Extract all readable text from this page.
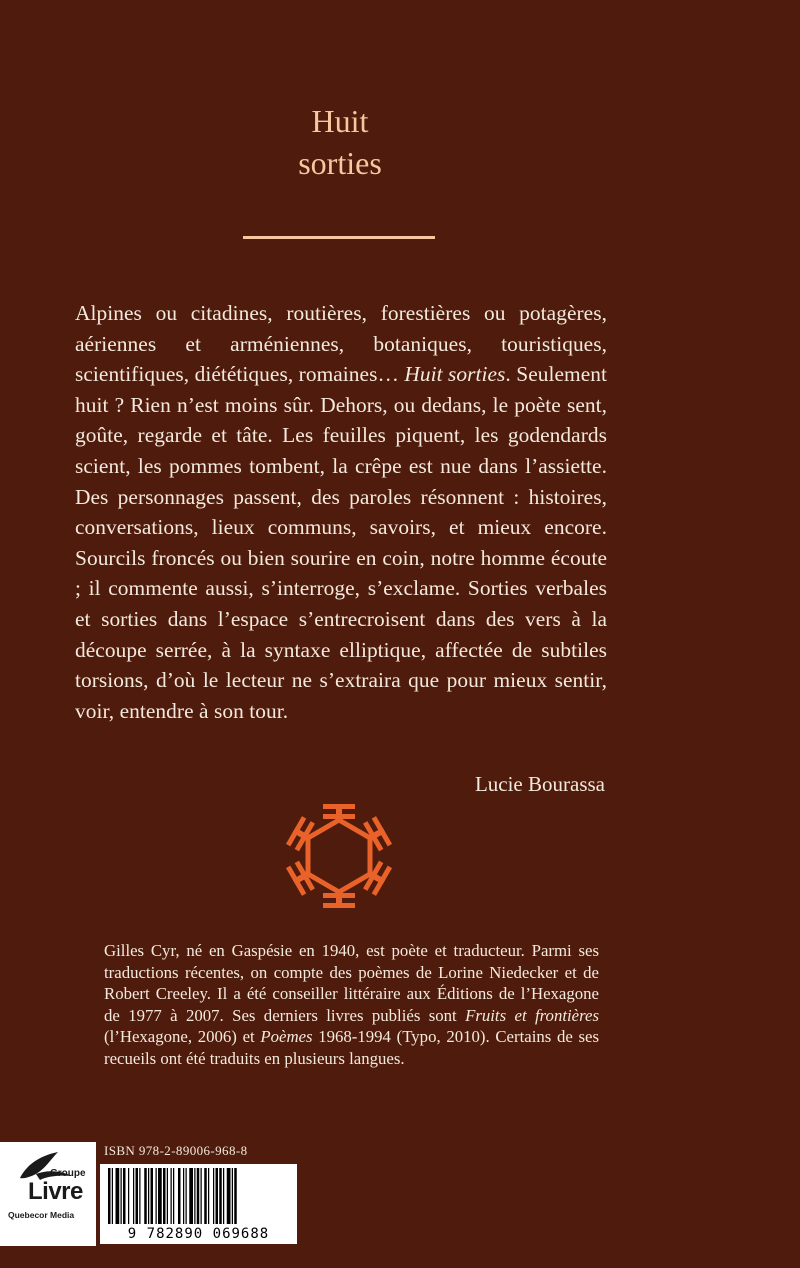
Huit
sorties

Alpines ou citadines, routières, forestières ou potagères, aériennes et arméniennes, botaniques, touristiques, scientifiques, diététiques, romaines… Huit sorties. Seulement huit ? Rien n’est moins sûr. Dehors, ou dedans, le poète sent, goûte, regarde et tâte. Les feuilles piquent, les godendards scient, les pommes tombent, la crêpe est nue dans l’assiette. Des personnages passent, des paroles résonnent : histoires, conversations, lieux communs, savoirs, et mieux encore. Sourcils froncés ou bien sourire en coin, notre homme écoute ; il commente aussi, s’interroge, s’exclame. Sorties verbales et sorties dans l’espace s’entrecroisent dans des vers à la découpe serrée, à la syntaxe elliptique, affectée de subtiles torsions, d’où le lecteur ne s’extraira que pour mieux sentir, voir, entendre à son tour.

Lucie Bourassa

Gilles Cyr, né en Gaspésie en 1940, est poète et traducteur. Parmi ses traductions récentes, on compte des poèmes de Lorine Niedecker et de Robert Creeley. Il a été conseiller littéraire aux Éditions de l’Hexagone de 1977 à 2007. Ses derniers livres publiés sont Fruits et frontières (l’Hexagone, 2006) et Poèmes 1968-1994 (Typo, 2010). Certains de ses recueils ont été traduits en plusieurs langues.

Groupe
Livre
Quebecor Media
ISBN 978-2-89006-968-8
9 782890 069688
